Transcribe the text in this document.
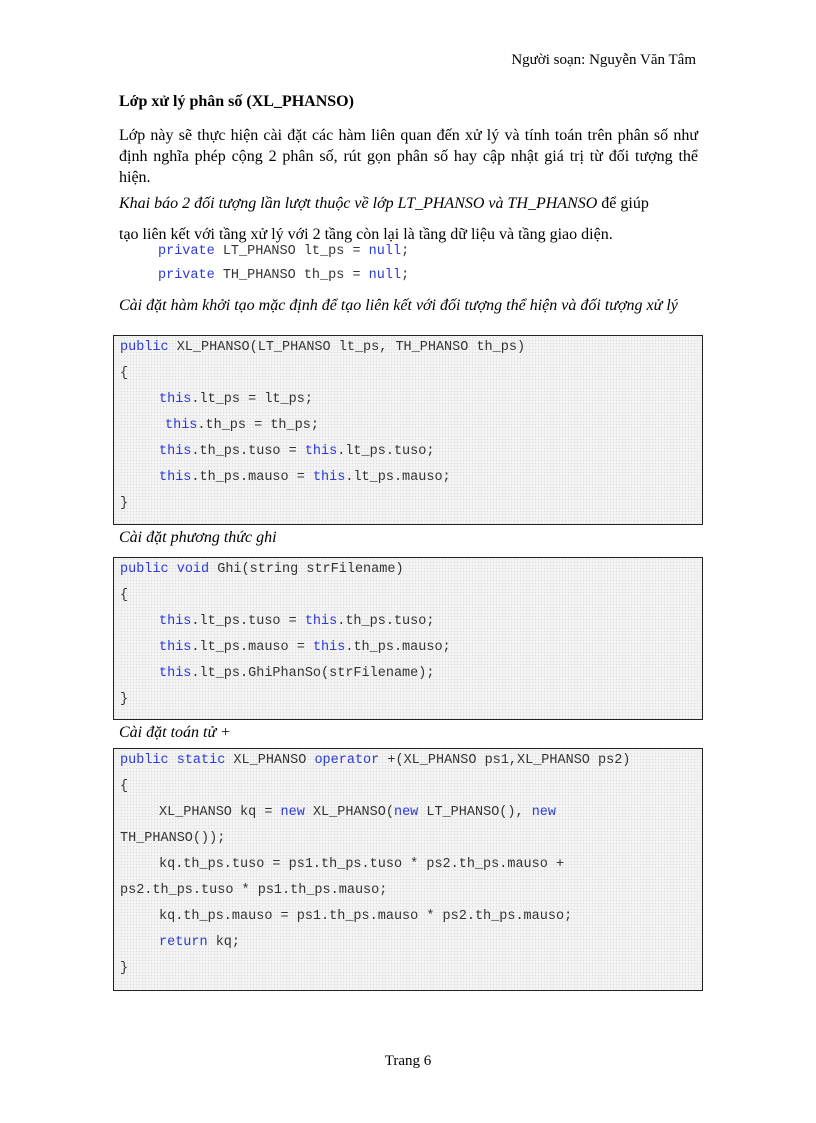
Người soạn: Nguyễn Văn Tâm
Lớp xử lý phân số (XL_PHANSO)
Lớp này sẽ thực hiện cài đặt các hàm liên quan đến xử lý và tính toán trên phân số như định nghĩa phép cộng 2 phân số, rút gọn phân số hay cập nhật giá trị từ đối tượng thể hiện.
Khai báo 2 đối tượng lần lượt thuộc về lớp LT_PHANSO và TH_PHANSO để giúp
tạo liên kết với tầng xử lý với 2 tầng còn lại là tầng dữ liệu và tầng giao diện.
private LT_PHANSO lt_ps = null;
private TH_PHANSO th_ps = null;
Cài đặt hàm khởi tạo mặc định để tạo liên kết với đối tượng thể hiện và đối tượng xử lý
public XL_PHANSO(LT_PHANSO lt_ps, TH_PHANSO th_ps)
{
this.lt_ps = lt_ps;
this.th_ps = th_ps;
this.th_ps.tuso = this.lt_ps.tuso;
this.th_ps.mauso = this.lt_ps.mauso;
}
Cài đặt phương thức ghi
public void Ghi(string strFilename)
{
this.lt_ps.tuso = this.th_ps.tuso;
this.lt_ps.mauso = this.th_ps.mauso;
this.lt_ps.GhiPhanSo(strFilename);
}
Cài đặt toán tử +
public static XL_PHANSO operator +(XL_PHANSO ps1,XL_PHANSO ps2)
{
XL_PHANSO kq = new XL_PHANSO(new LT_PHANSO(), new
TH_PHANSO());
kq.th_ps.tuso = ps1.th_ps.tuso * ps2.th_ps.mauso +
ps2.th_ps.tuso * ps1.th_ps.mauso;
kq.th_ps.mauso = ps1.th_ps.mauso * ps2.th_ps.mauso;
return kq;
}
Trang 6
